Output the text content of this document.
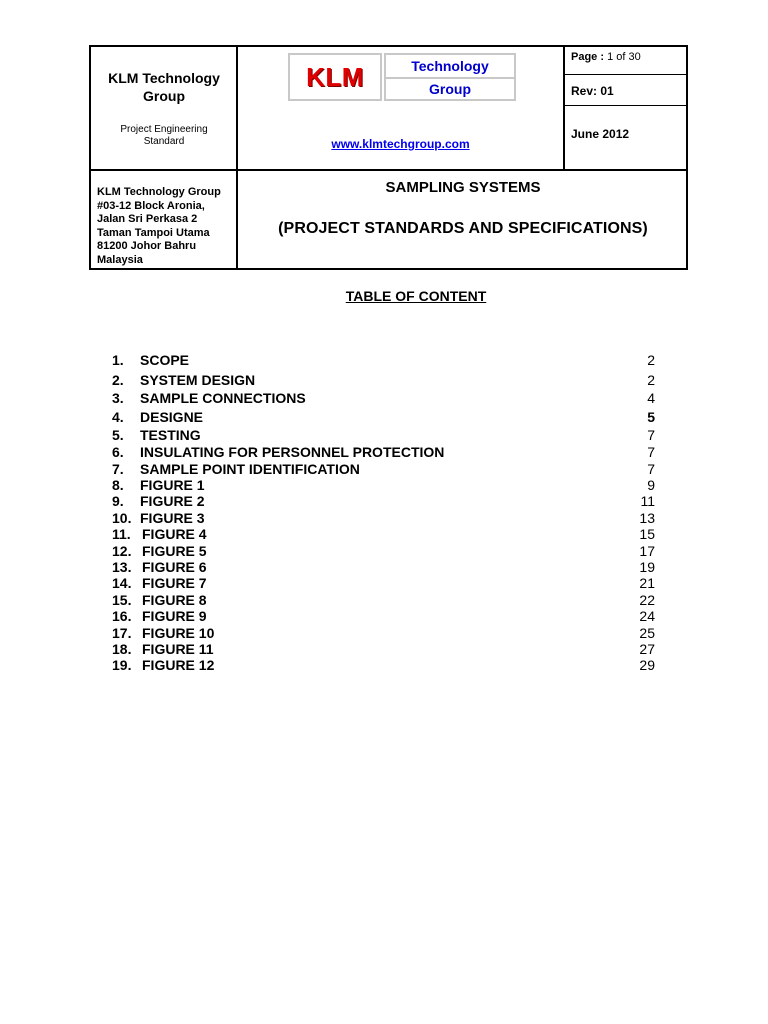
KLM Technology
Group
Project Engineering
Standard
KLM	Technology
Group
www.klmtechgroup.com
Page : 1 of 30
Rev: 01
June 2012
KLM Technology Group
#03-12 Block Aronia,
Jalan Sri Perkasa 2
Taman Tampoi Utama
81200 Johor Bahru
Malaysia
SAMPLING SYSTEMS
(PROJECT STANDARDS AND SPECIFICATIONS)
TABLE OF CONTENT
1. SCOPE	2
2. SYSTEM DESIGN	2
3. SAMPLE CONNECTIONS	4
4. DESIGNE	5
5. TESTING	7
6. INSULATING FOR PERSONNEL PROTECTION	7
7. SAMPLE POINT IDENTIFICATION	7
8. FIGURE 1	9
9. FIGURE 2	11
10. FIGURE 3	13
11. FIGURE 4	15
12. FIGURE 5	17
13. FIGURE 6	19
14. FIGURE 7	21
15. FIGURE 8	22
16. FIGURE 9	24
17. FIGURE 10	25
18. FIGURE 11	27
19. FIGURE 12	29
